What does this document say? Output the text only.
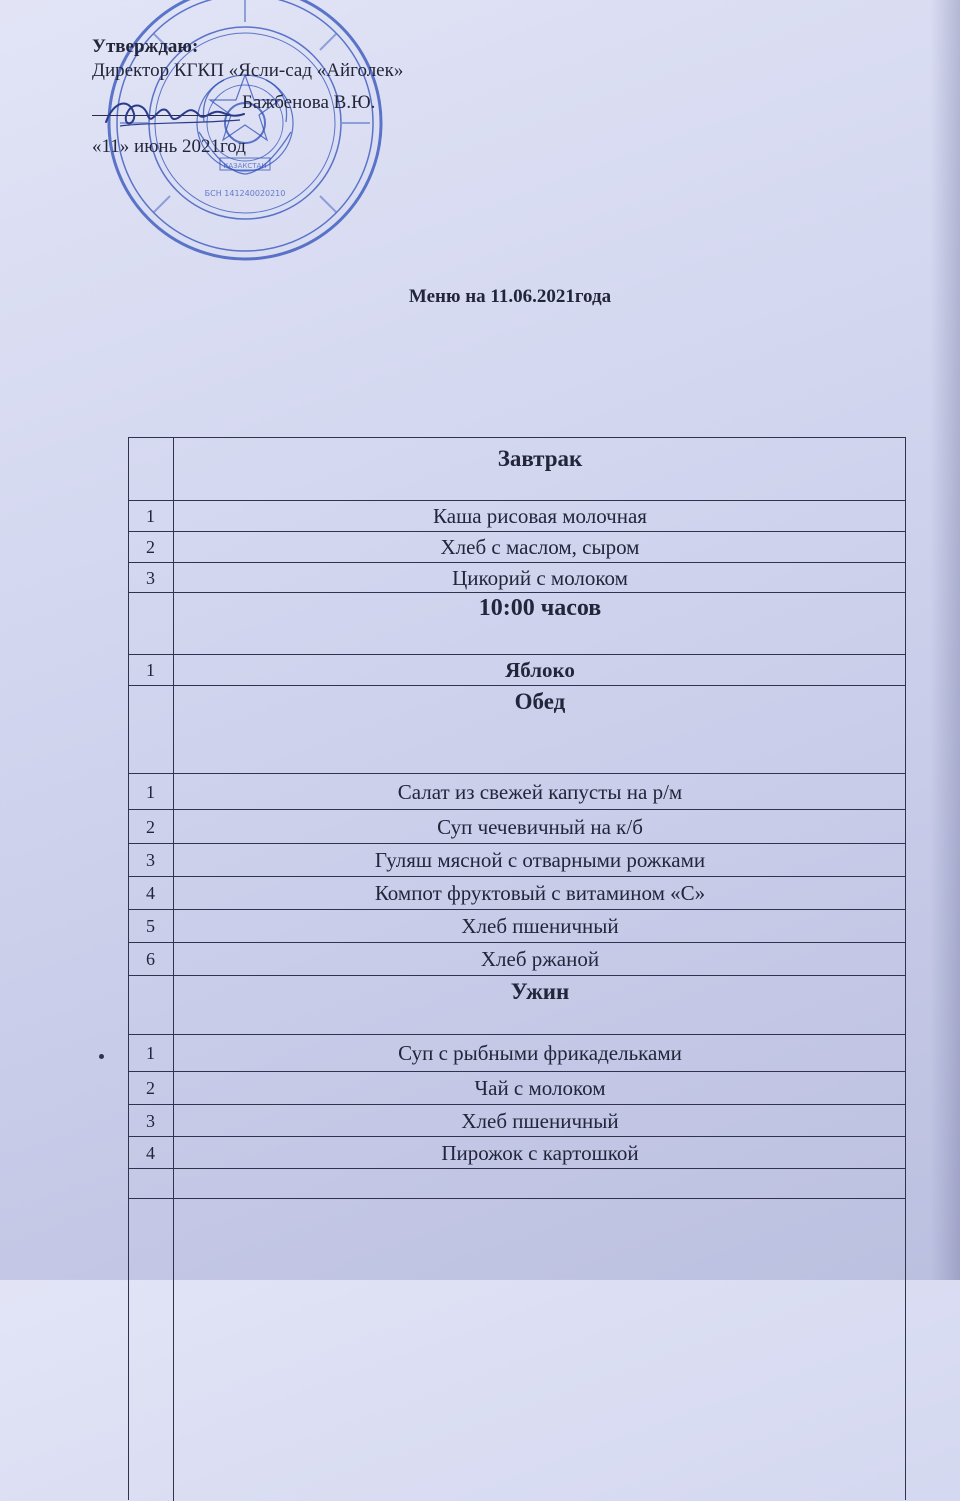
КАЗАКСТАН
БСН 141240020210
Утверждаю:
Директор КГКП «Ясли-сад «Айголек»
Бажбенова В.Ю.
«11» июнь 2021год
Меню на 11.06.2021года
Завтрак
1	Каша рисовая молочная
2	Хлеб с маслом, сыром
3	Цикорий с молоком
10:00 часов
1	Яблоко
Обед
1	Салат из свежей капусты на р/м
2	Суп чечевичный на к/б
3	Гуляш мясной с отварными рожками
4	Компот фруктовый с витамином «С»
5	Хлеб пшеничный
6	Хлеб ржаной
Ужин
1	Суп с рыбными фрикадельками
2	Чай с молоком
3	Хлеб пшеничный
4	Пирожок с картошкой
